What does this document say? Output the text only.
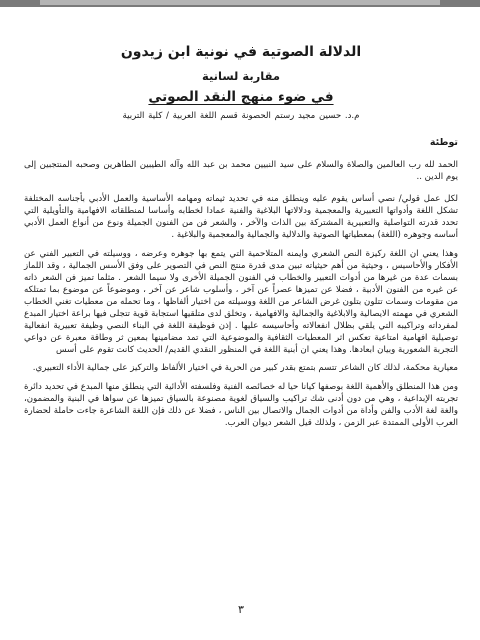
الدلالة الصوتية في نونية ابن زيدون

مقاربة لسانية

في ضوء منهج النقد الصوتي

م.د. حسين مجيد رستم الحصونة قسم اللغة العربية / كلية التربية
توطئة

الحمد لله رب العالمين والصلاة والسلام على سيد النبيين محمد بن عبد الله وآله الطيبين الطاهرين وصحبه المنتجبين إلى يوم الدين ..

لكل عمل قولي/ نصي أساس يقوم عليه وينطلق منه في تحديد ثيماته ومهامه الأساسية والعمل الأدبي بأجناسه المختلفة تشكل اللغة وأدواتها التعبيرية والمعجمية ودلالاتها البلاغية والفنية عمادا لخطابه وأساسا لمنطلقاته الافهامية والتأويلية التي تحدد قدرته التواصلية والتعبيرية المشتركة بين الذات والآخر ، والشعر فن من الفنون الجميلة ونوع من أنواع العمل الأدبي أساسه وجوهره (اللغة) بمعطياتها الصوتية والدلالية والجمالية والمعجمية والبلاغية .

وهذا يعني ان اللغة ركيزة النص الشعري وايمنه المتلاحمية التي يتمع بها جوهره وعرضه ، ووسيلته في التعبير الفني عن الأفكار والأحاسيس ، وحيثية من أهم حيثياته تبين مدى قدرة منتج النص في التصوير على وفق الأسس الجمالية ، وقد اللماز بسمات عدة من غيرها من أدوات التعبير والخطاب في الفنون الجميلة الأخرى ولا سيما الشعر . مثلما تميز فن الشعر ذاته عن غيره من الفنون الأدبية ، فضلا عن تميزها عصراً عن آخر ، وأسلوب شاعر عن آخر ، وموضوعاً عن موضوع بما تمتلكه من مقومات وسمات تتلون بتلون غرض الشاعر من اللغة ووسيلته من اختيار ألفاظها ، وما تحمله من معطيات تغني الخطاب الشعري في مهمته الايصالية والابلاغية والجمالية والافهامية ، وتخلق لدى متلقيها استجابة قوية تتجلى فيها براعة اختيار المبدع لمفرداته وتراكيبه التي يلقي بظلال انفعالاته وأحاسيسه عليها . إذن فوظيفة اللغة في البناء النصي وظيفة تعبيرية انفعالية توصيلية افهامية امتاعية تعكس اثر المعطيات الثقافية والموضوعية التي تمد مضامينها بمعين ثر وطاقة معبرة عن دواعي التجربة الشعورية وبيان ابعادها. وهذا يعني ان أبنية اللغة في المنظور النقدي القديم/ الحديث كانت تقوم على أسس

معيارية محكمة، لذلك كان الشاعر تتسم بتمتع بقدر كبير من الحرية في اختيار الألفاظ والتركيز على جمالية الأداء التعبيري.

ومن هذا المنطلق والأهمية اللغة بوصفها كيانا حيا له خصائصه الفنية وفلسفته الأدائية التي ينطلق منها المبدع في تحديد دائرة تجربته الإبداعية ، وهي من دون أدنى شك تراكيب والسياق لغوية مصنوعة بالسياق تميزها عن سواها في البنية والمضمون، والغة لغة الأدب والفن وأداة من أدوات الجمال والاتصال بين الناس ، فضلا عن ذلك فإن اللغة الشاعرة جاءت حاملة لحضارة العرب الأولى الممتدة عبر الزمن ، ولذلك قيل الشعر ديوان العرب.

٣
